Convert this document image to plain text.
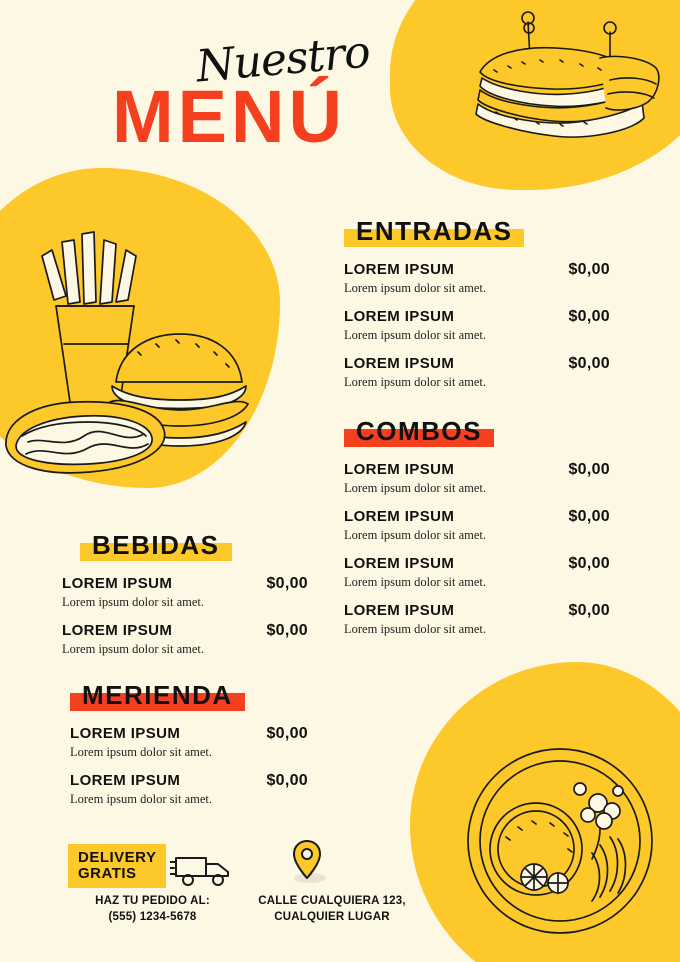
Nuestro
MENÚ
ENTRADAS
LOREM IPSUM	$0,00
Lorem ipsum dolor sit amet.
LOREM IPSUM	$0,00
Lorem ipsum dolor sit amet.
LOREM IPSUM	$0,00
Lorem ipsum dolor sit amet.
COMBOS
LOREM IPSUM	$0,00
Lorem ipsum dolor sit amet.
LOREM IPSUM	$0,00
Lorem ipsum dolor sit amet.
LOREM IPSUM	$0,00
Lorem ipsum dolor sit amet.
LOREM IPSUM	$0,00
Lorem ipsum dolor sit amet.
BEBIDAS
LOREM IPSUM	$0,00
Lorem ipsum dolor sit amet.
LOREM IPSUM	$0,00
Lorem ipsum dolor sit amet.
MERIENDA
LOREM IPSUM	$0,00
Lorem ipsum dolor sit amet.
LOREM IPSUM	$0,00
Lorem ipsum dolor sit amet.
DELIVERY
GRATIS
HAZ TU PEDIDO AL:
(555) 1234-5678
CALLE CUALQUIERA 123,
CUALQUIER LUGAR
